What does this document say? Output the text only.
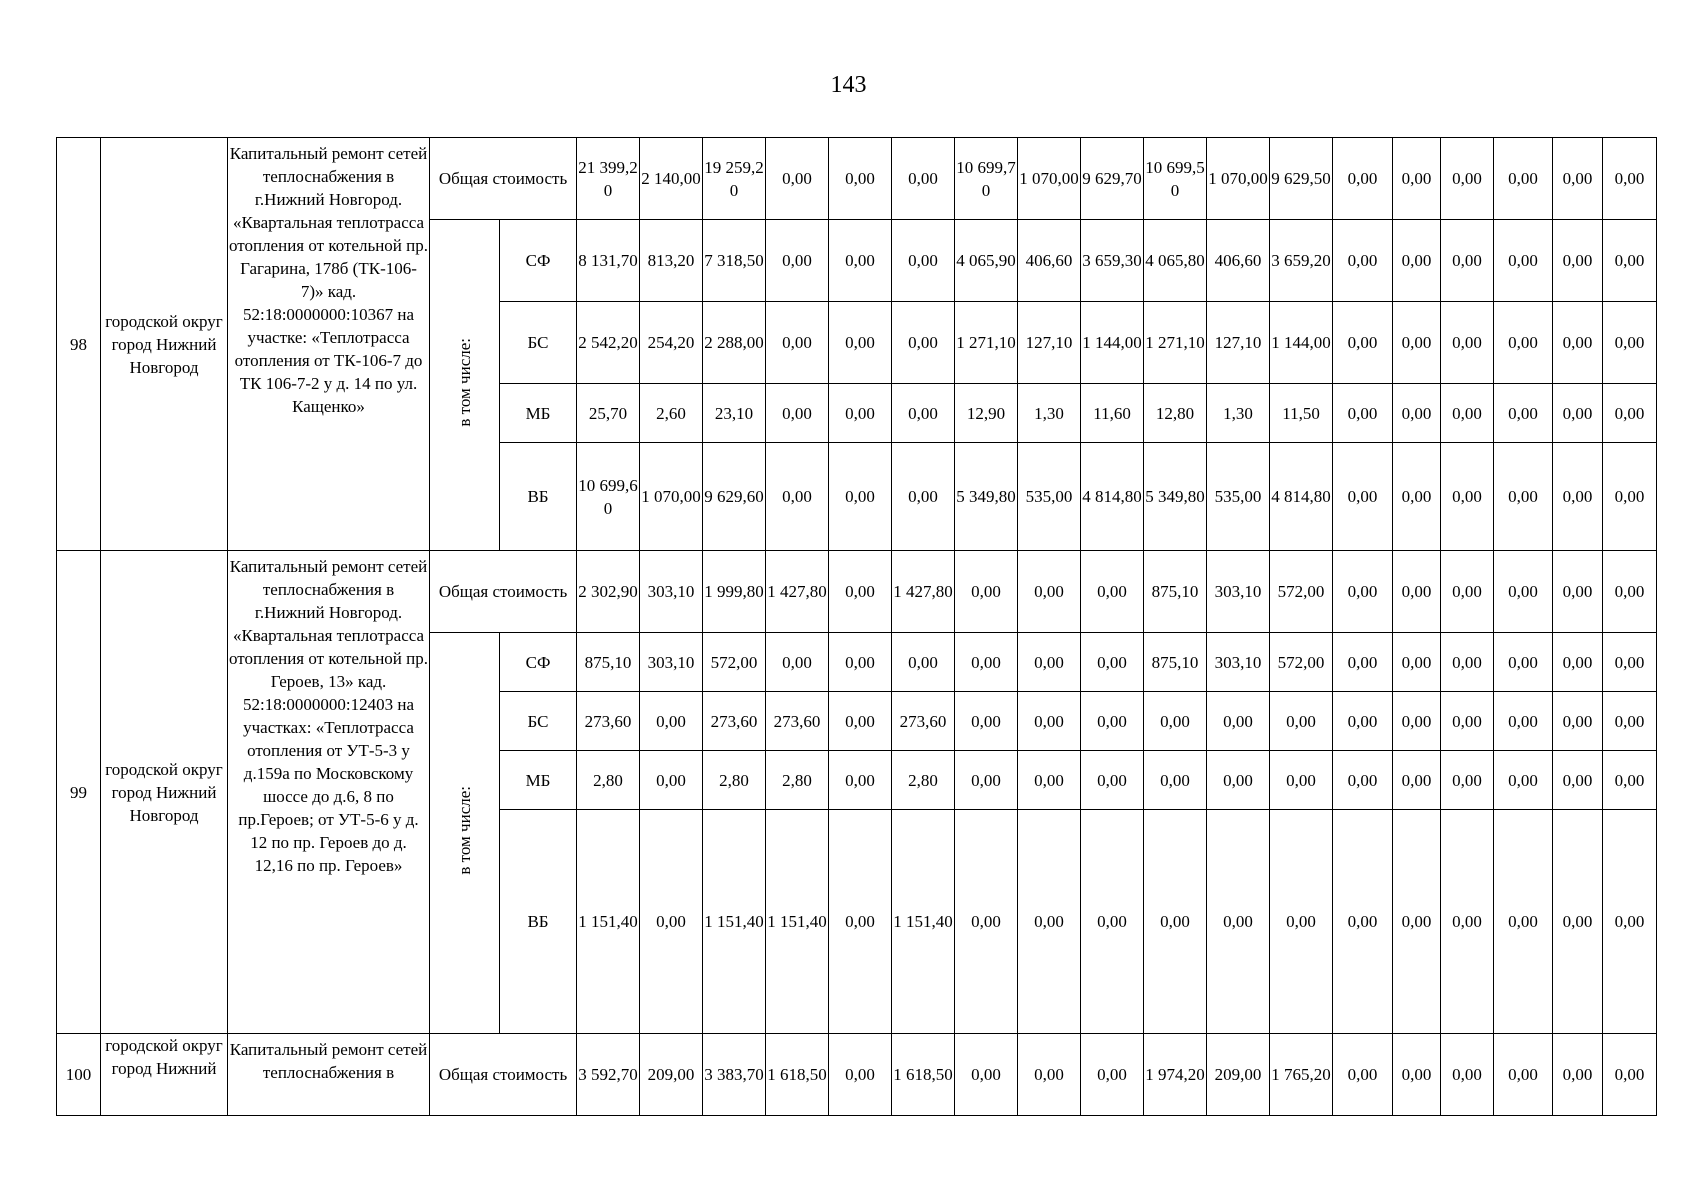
143
98	городской округ город Нижний Новгород	Капитальный ремонт сетей теплоснабжения в г.Нижний Новгород. «Квартальная теплотрасса отопления от котельной пр. Гагарина, 178б (ТК-106-7)» кад. 52:18:0000000:10367 на участке: «Теплотрасса отопления от ТК-106-7 до ТК 106-7-2 у д. 14 по ул. Кащенко»	Общая стоимость		21 399,20	2 140,00	19 259,20	0,00	0,00	0,00	10 699,70	1 070,00	9 629,70	10 699,50	1 070,00	9 629,50	0,00	0,00	0,00	0,00	0,00	0,00
			в том числе:	СФ	8 131,70	813,20	7 318,50	0,00	0,00	0,00	4 065,90	406,60	3 659,30	4 065,80	406,60	3 659,20	0,00	0,00	0,00	0,00	0,00	0,00
				БС	2 542,20	254,20	2 288,00	0,00	0,00	0,00	1 271,10	127,10	1 144,00	1 271,10	127,10	1 144,00	0,00	0,00	0,00	0,00	0,00	0,00
				МБ	25,70	2,60	23,10	0,00	0,00	0,00	12,90	1,30	11,60	12,80	1,30	11,50	0,00	0,00	0,00	0,00	0,00	0,00
				ВБ	10 699,60	1 070,00	9 629,60	0,00	0,00	0,00	5 349,80	535,00	4 814,80	5 349,80	535,00	4 814,80	0,00	0,00	0,00	0,00	0,00	0,00
99	городской округ город Нижний Новгород	Капитальный ремонт сетей теплоснабжения в г.Нижний Новгород. «Квартальная теплотрасса отопления от котельной пр. Героев, 13» кад. 52:18:0000000:12403 на участках: «Теплотрасса отопления от УТ-5-3 у д.159а по Московскому шоссе до д.6, 8 по пр.Героев; от УТ-5-6 у д. 12 по пр. Героев до д. 12,16 по пр. Героев»	Общая стоимость		2 302,90	303,10	1 999,80	1 427,80	0,00	1 427,80	0,00	0,00	0,00	875,10	303,10	572,00	0,00	0,00	0,00	0,00	0,00	0,00
			в том числе:	СФ	875,10	303,10	572,00	0,00	0,00	0,00	0,00	0,00	0,00	875,10	303,10	572,00	0,00	0,00	0,00	0,00	0,00	0,00
				БС	273,60	0,00	273,60	273,60	0,00	273,60	0,00	0,00	0,00	0,00	0,00	0,00	0,00	0,00	0,00	0,00	0,00	0,00
				МБ	2,80	0,00	2,80	2,80	0,00	2,80	0,00	0,00	0,00	0,00	0,00	0,00	0,00	0,00	0,00	0,00	0,00	0,00
				ВБ	1 151,40	0,00	1 151,40	1 151,40	0,00	1 151,40	0,00	0,00	0,00	0,00	0,00	0,00	0,00	0,00	0,00	0,00	0,00	0,00
100	городской округ город Нижний	Капитальный ремонт сетей теплоснабжения в	Общая стоимость		3 592,70	209,00	3 383,70	1 618,50	0,00	1 618,50	0,00	0,00	0,00	1 974,20	209,00	1 765,20	0,00	0,00	0,00	0,00	0,00	0,00
